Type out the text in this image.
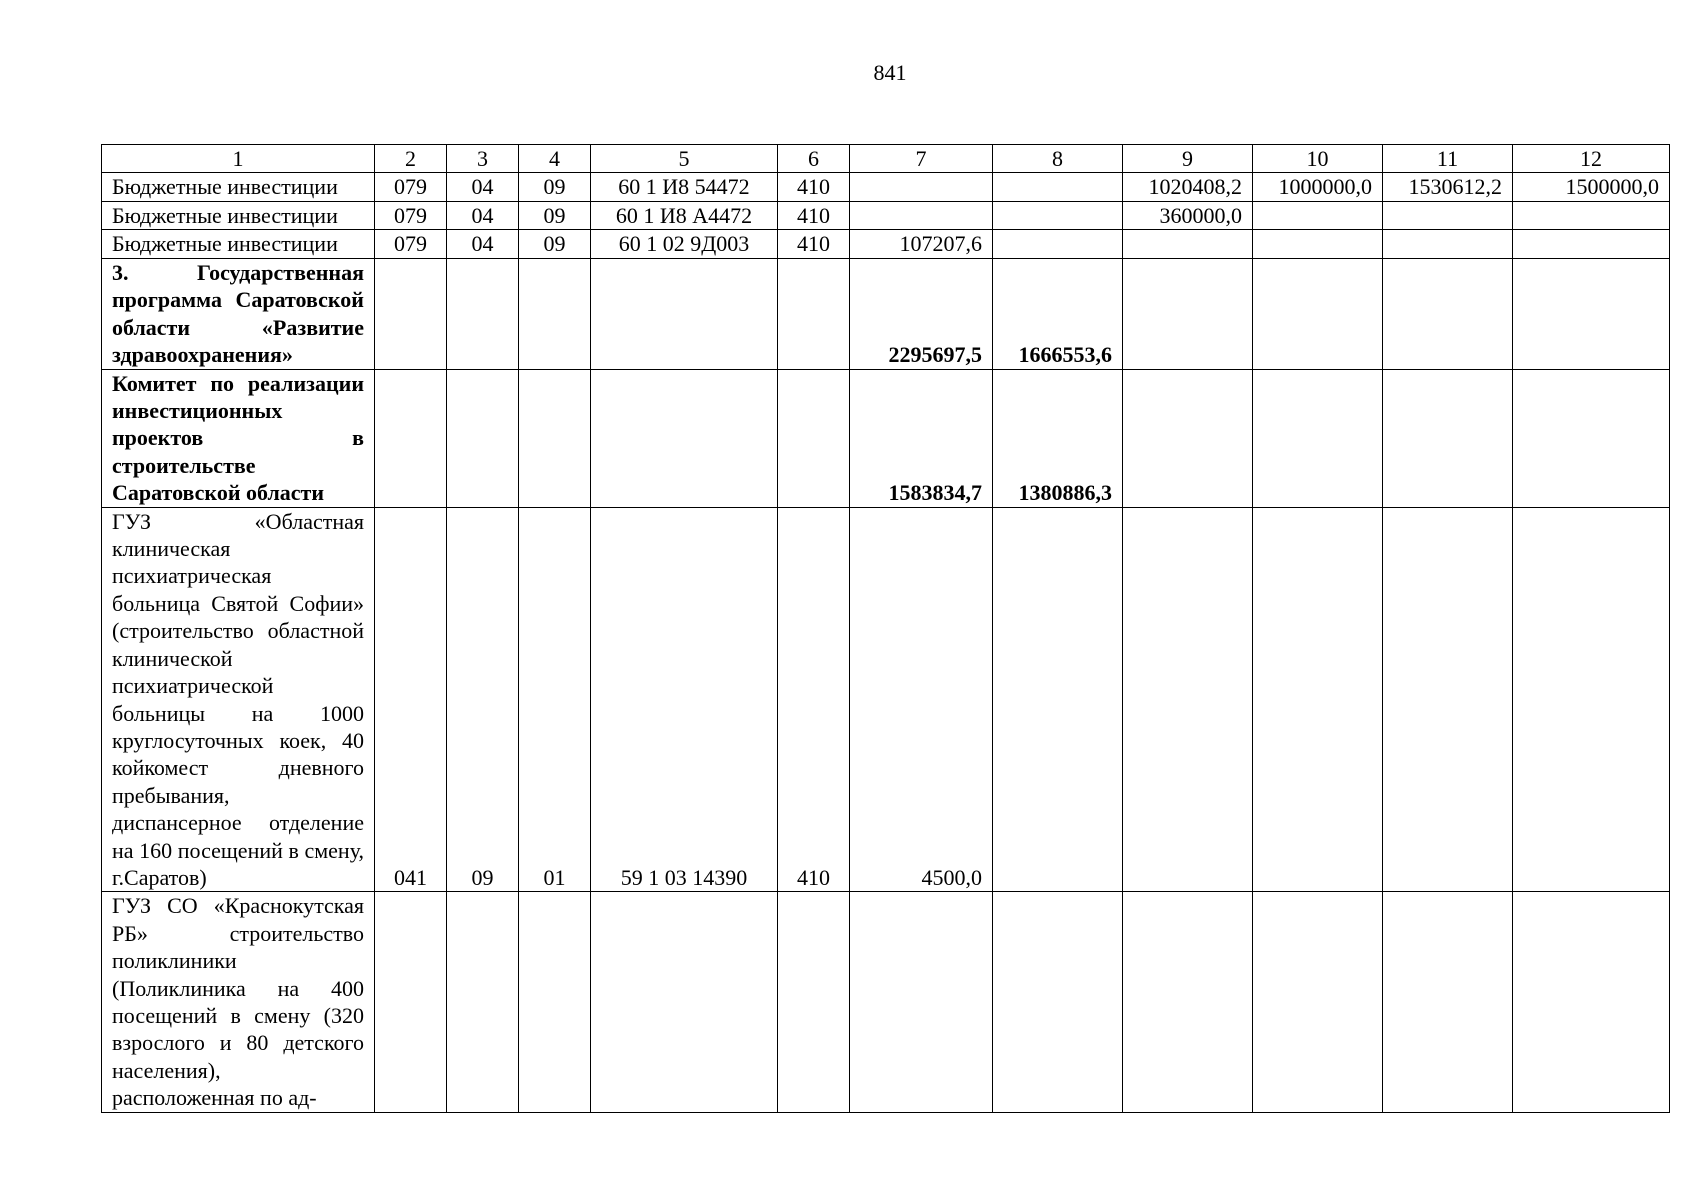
841
1	2	3	4	5	6	7	8	9	10	11	12
Бюджетные инвестиции	079	04	09	60 1 И8 54472	410			1020408,2	1000000,0	1530612,2	1500000,0
Бюджетные инвестиции	079	04	09	60 1 И8 А4472	410			360000,0			
Бюджетные инвестиции	079	04	09	60 1 02 9Д003	410	107207,6					
3. Государственная программа Саратовской области «Развитие здравоохранения»						2295697,5	1666553,6				
Комитет по реализации инвестиционных проектов в строительстве Саратовской области						1583834,7	1380886,3				
ГУЗ «Областная клиническая психиатрическая больница Святой Софии» (строительство областной клинической психиатрической больницы на 1000 круглосуточных коек, 40 койкомест дневного пребывания, диспансерное отделение на 160 посещений в смену, г.Саратов)	041	09	01	59 1 03 14390	410	4500,0					
ГУЗ СО «Краснокутская РБ» строительство поликлиники (Поликлиника на 400 посещений в смену (320 взрослого и 80 детского населения), расположенная по ад-											
